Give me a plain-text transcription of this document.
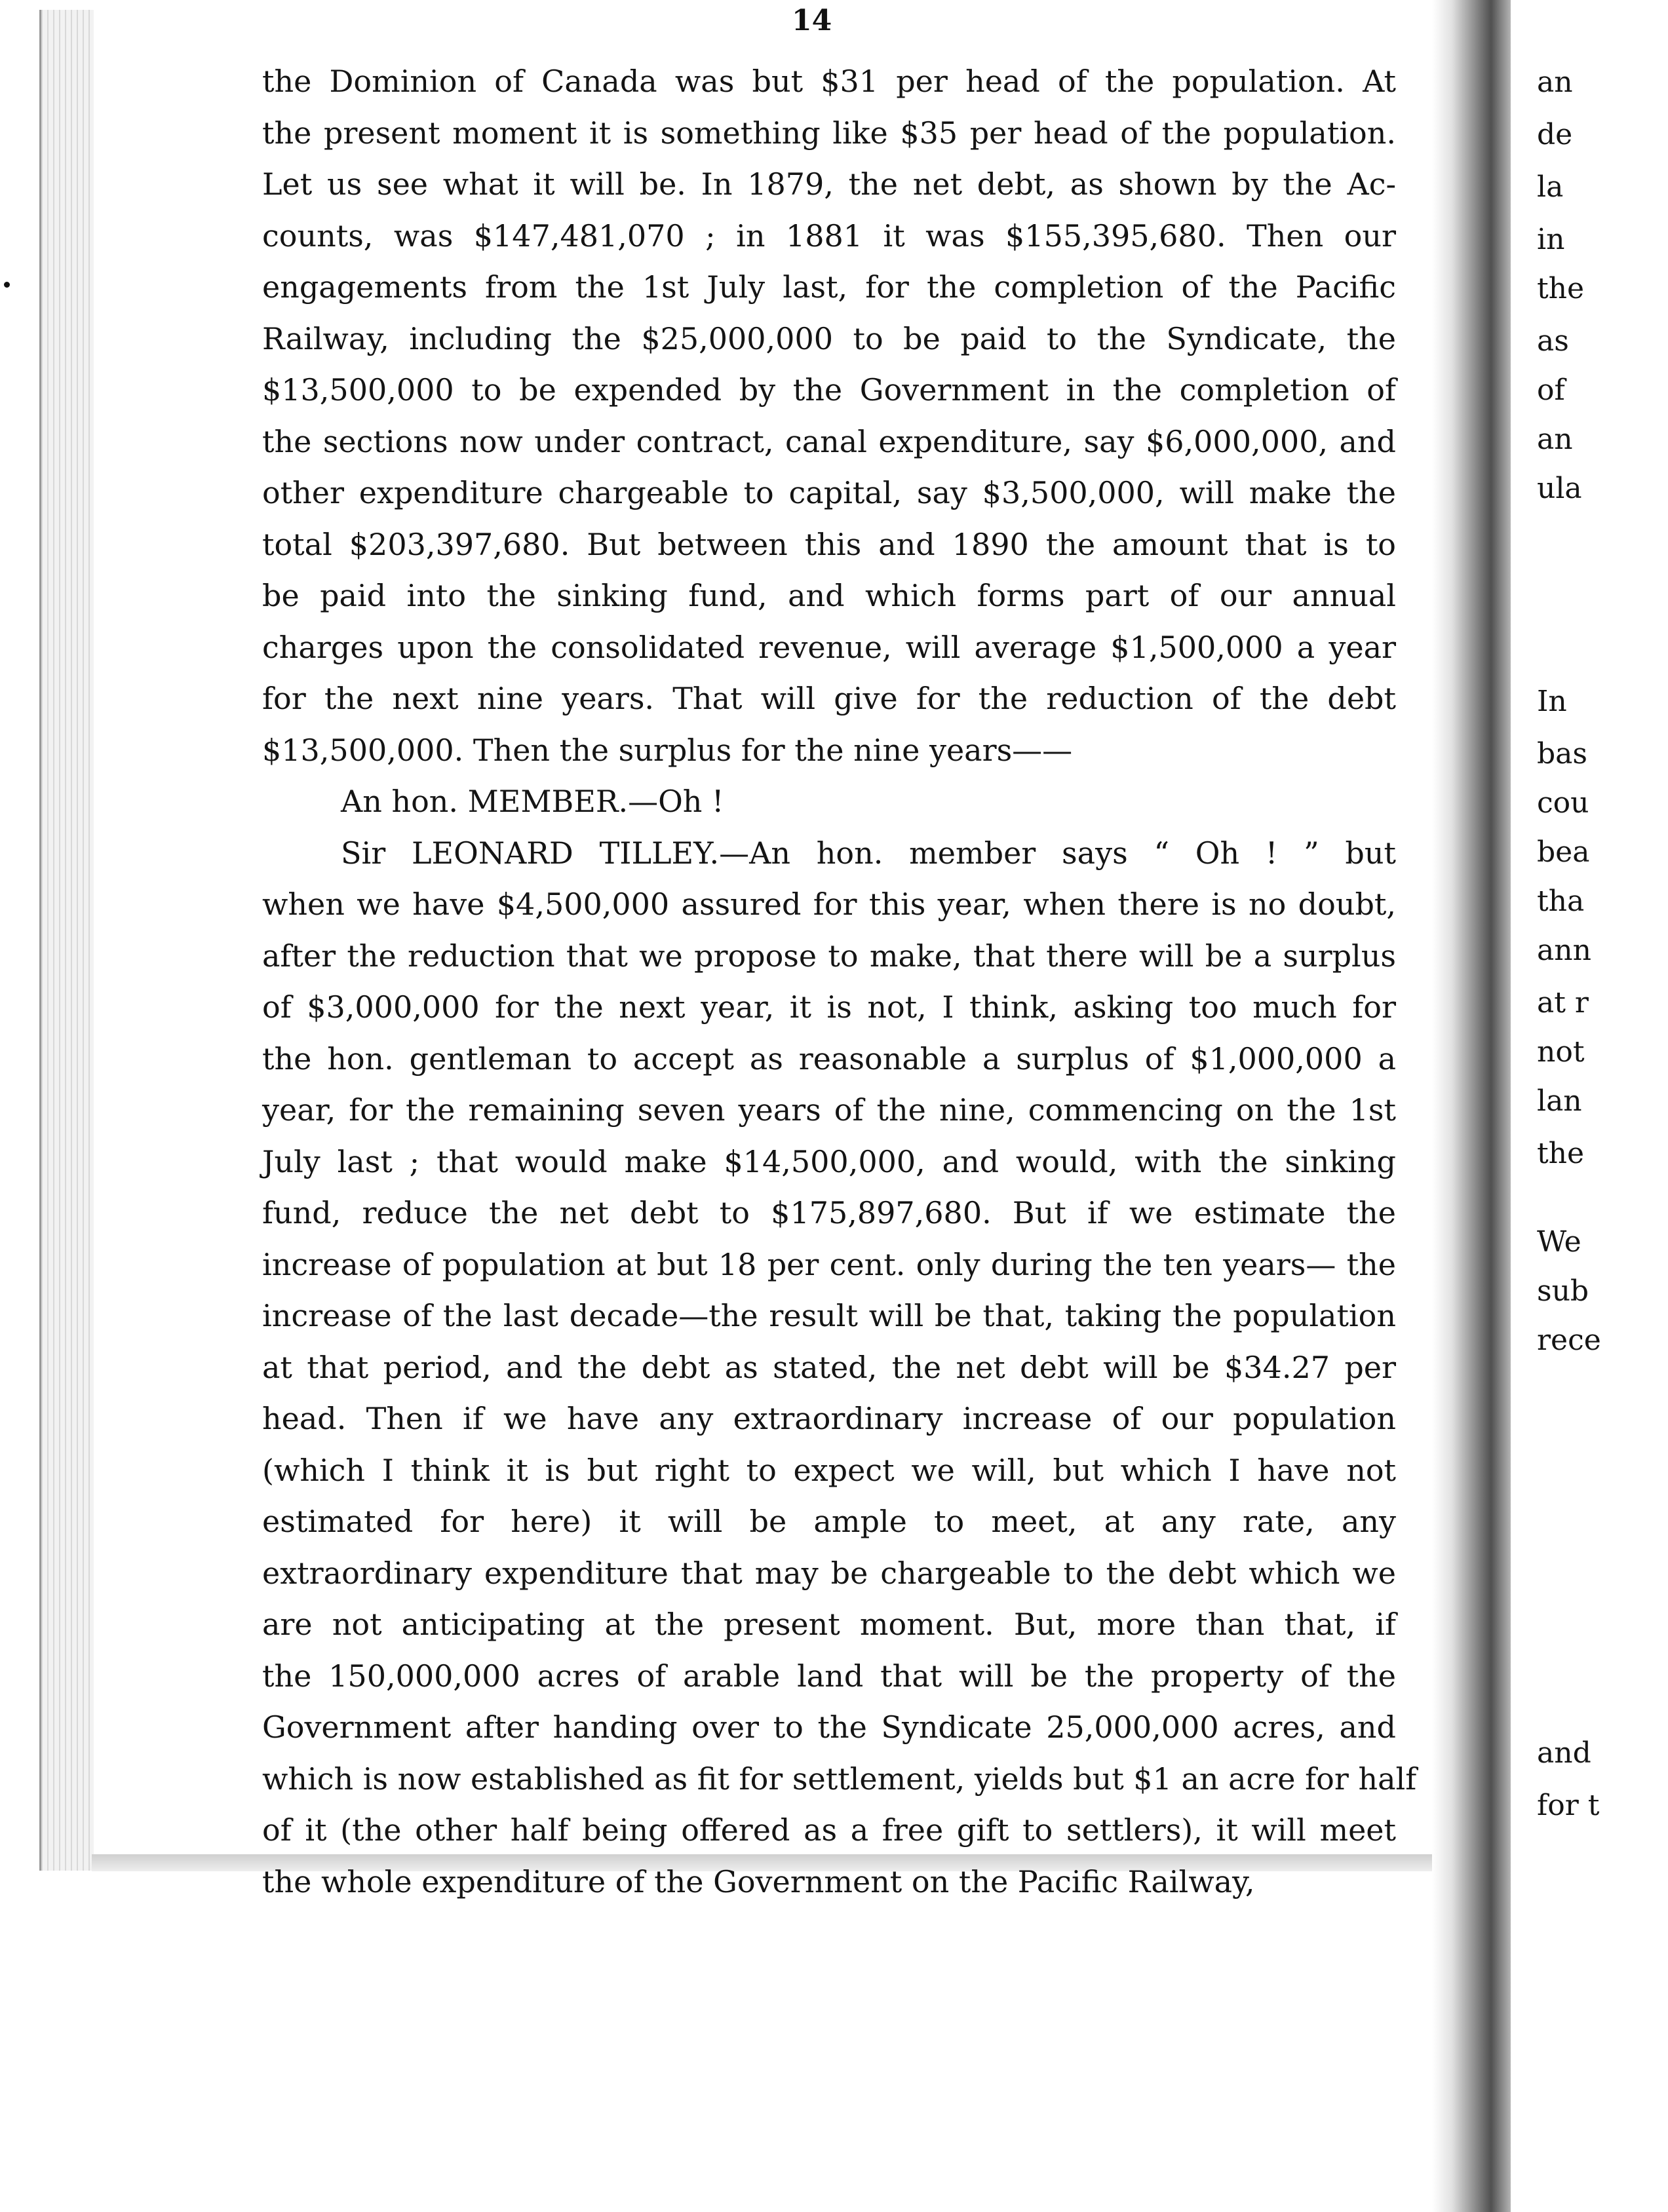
14
the Dominion of Canada was but $31 per head of the population. At
the present moment it is something like $35 per head of the population.
Let us see what it will be. In 1879, the net debt, as shown by the Ac-
counts, was $147,481,070 ; in 1881 it was $155,395,680. Then our
engagements from the 1st July last, for the completion of the Pacific
Railway, including the $25,000,000 to be paid to the Syndicate, the
$13,500,000 to be expended by the Government in the completion of
the sections now under contract, canal expenditure, say $6,000,000, and
other expenditure chargeable to capital, say $3,500,000, will make the
total $203,397,680. But between this and 1890 the amount that is to
be paid into the sinking fund, and which forms part of our annual
charges upon the consolidated revenue, will average $1,500,000 a year
for the next nine years. That will give for the reduction of the debt
$13,500,000. Then the surplus for the nine years——
An hon. MEMBER.—Oh !
Sir LEONARD TILLEY.—An hon. member says “ Oh ! ” but
when we have $4,500,000 assured for this year, when there is no doubt,
after the reduction that we propose to make, that there will be a surplus
of $3,000,000 for the next year, it is not, I think, asking too much for
the hon. gentleman to accept as reasonable a surplus of $1,000,000 a
year, for the remaining seven years of the nine, commencing on the 1st
July last ; that would make $14,500,000, and would, with the sinking
fund, reduce the net debt to $175,897,680. But if we estimate the
increase of population at but 18 per cent. only during the ten years— the
increase of the last decade—the result will be that, taking the population
at that period, and the debt as stated, the net debt will be $34.27 per
head. Then if we have any extraordinary increase of our population
(which I think it is but right to expect we will, but which I have not
estimated for here) it will be ample to meet, at any rate, any
extraordinary expenditure that may be chargeable to the debt which we
are not anticipating at the present moment. But, more than that, if
the 150,000,000 acres of arable land that will be the property of the
Government after handing over to the Syndicate 25,000,000 acres, and
which is now established as fit for settlement, yields but $1 an acre for half
of it (the other half being offered as a free gift to settlers), it will meet
the whole expenditure of the Government on the Pacific Railway,
an
de
la
in
the
as
of
an
ula
In
bas
cou
bea
tha
ann
at r
not
lan
the
We
sub
rece
and
for t
